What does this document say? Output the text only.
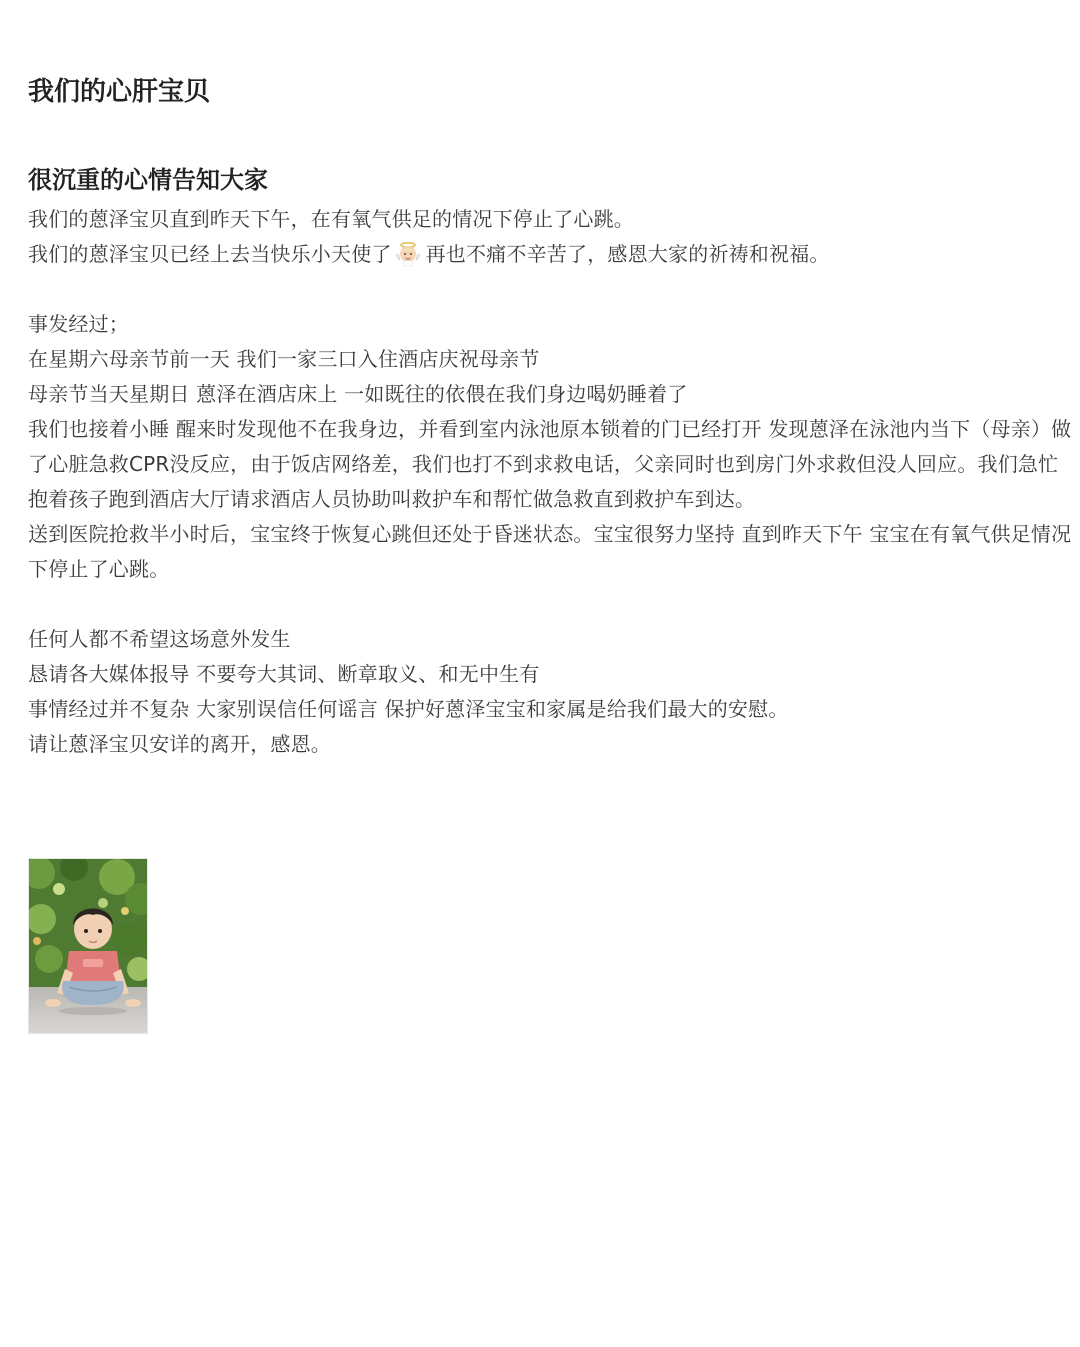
我们的心肝宝贝
很沉重的心情告知大家

我们的蒽泽宝贝直到昨天下午，在有氧气供足的情况下停止了心跳。

我们的蒽泽宝贝已经上去当快乐小天使了 再也不痛不辛苦了，感恩大家的祈祷和祝福。

事发经过；

在星期六母亲节前一天 我们一家三口入住酒店庆祝母亲节

母亲节当天星期日 蒽泽在酒店床上 一如既往的依偎在我们身边喝奶睡着了

我们也接着小睡 醒来时发现他不在我身边，并看到室内泳池原本锁着的门已经打开 发现蒽泽在泳池内当下（母亲）做了心脏急救CPR没反应，由于饭店网络差，我们也打不到求救电话，父亲同时也到房门外求救但没人回应。我们急忙抱着孩子跑到酒店大厅请求酒店人员协助叫救护车和帮忙做急救直到救护车到达。

送到医院抢救半小时后，宝宝终于恢复心跳但还处于昏迷状态。宝宝很努力坚持 直到昨天下午 宝宝在有氧气供足情况下停止了心跳。

任何人都不希望这场意外发生

恳请各大媒体报导 不要夸大其词、断章取义、和无中生有

事情经过并不复杂 大家别误信任何谣言 保护好蒽泽宝宝和家属是给我们最大的安慰。

请让蒽泽宝贝安详的离开，感恩。
